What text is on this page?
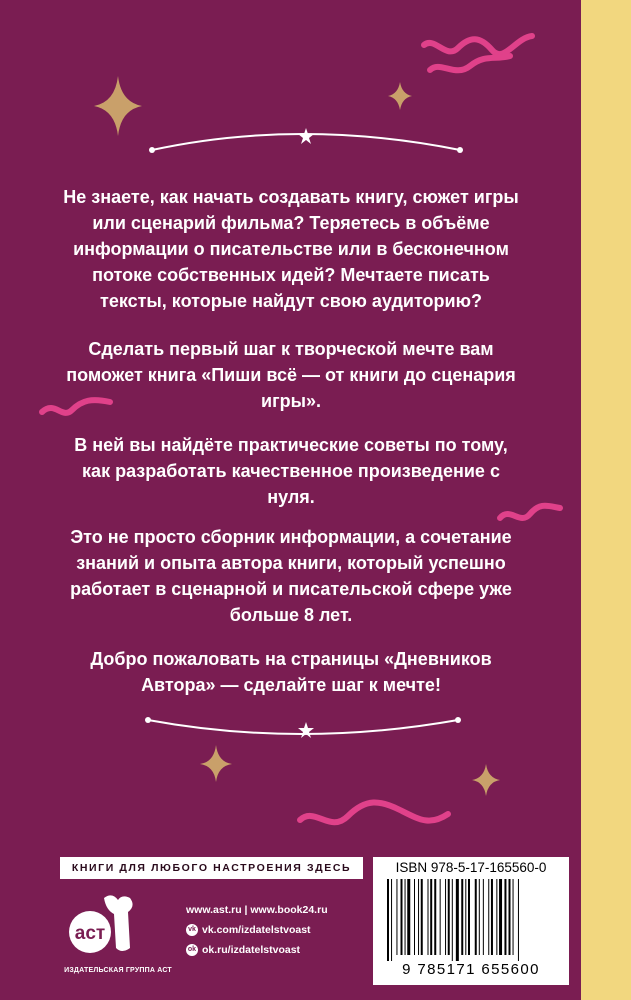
Не знаете, как начать создавать книгу, сюжет игры или сценарий фильма? Теряетесь в объёме информации о писательстве или в бесконечном потоке собственных идей? Мечтаете писать тексты, которые найдут свою аудиторию?

Сделать первый шаг к творческой мечте вам поможет книга «Пиши всё — от книги до сценария игры».

В ней вы найдёте практические советы по тому, как разработать качественное произведение с нуля.

Это не просто сборник информации, а сочетание знаний и опыта автора книги, который успешно работает в сценарной и писательской сфере уже больше 8 лет.

Добро пожаловать на страницы «Дневников Автора» — сделайте шаг к мечте!

КНИГИ ДЛЯ ЛЮБОГО НАСТРОЕНИЯ ЗДЕСЬ
аст
ИЗДАТЕЛЬСКАЯ ГРУППА АСТ
www.ast.ru | www.book24.ru
vk vk.com/izdatelstvoast
ok ok.ru/izdatelstvoast
ISBN 978-5-17-165560-0
9 785171 655600
